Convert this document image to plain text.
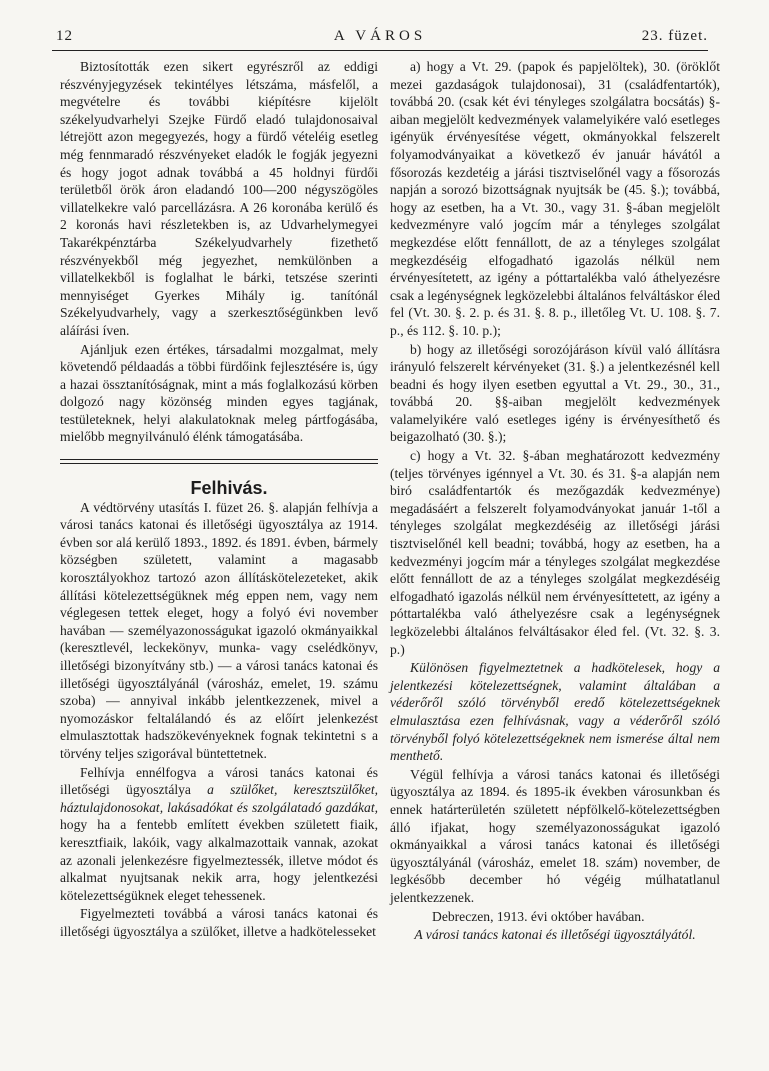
12	A VÁROS	23. füzet.

Biztosították ezen sikert egyrészről az eddigi részvényjegyzések tekintélyes létszáma, másfelől, a megvételre és további kiépítésre kijelölt székelyudvarhelyi Szejke Fürdő eladó tulajdonosaival létrejött azon megegyezés, hogy a fürdő vételéig esetleg még fennmaradó részvényeket eladók le fogják jegyezni és hogy jogot adnak továbbá a 45 holdnyi fürdői területből örök áron eladandó 100—200 négyszögöles villatelkekre való parcellázásra. A 26 koronába kerülő és 2 koronás havi részletekben is, az Udvarhelymegyei Takarékpénztárba Székelyudvarhely fizethető részvényekből még jegyezhet, nemkülönben a villatelkekből is foglalhat le bárki, tetszése szerinti mennyiséget Gyerkes Mihály ig. tanítónál Székelyudvarhely, vagy a szerkesztőségünkben levő aláírási íven.

Ajánljuk ezen értékes, társadalmi mozgalmat, mely követendő példaadás a többi fürdőink fejlesztésére is, úgy a hazai össztanítóságnak, mint a más foglalkozású körben dolgozó nagy közönség minden egyes tagjának, testületeknek, helyi alakulatoknak meleg pártfogásába, mielőbb megnyilvánuló élénk támogatásába.

Felhivás.

A védtörvény utasítás I. füzet 26. §. alapján felhívja a városi tanács katonai és illetőségi ügyosztálya az 1914. évben sor alá kerülő 1893., 1892. és 1891. évben, bármely községben született, valamint a magasabb korosztályokhoz tartozó azon állításkötelezeteket, akik állítási kötelezettségüknek még eppen nem, vagy nem véglegesen tettek eleget, hogy a folyó évi november havában — személyazonosságukat igazoló okmányaikkal (keresztlevél, leckekönyv, munka- vagy cselédkönyv, illetőségi bizonyítvány stb.) — a városi tanács katonai és illetőségi ügyosztályánál (városház, emelet, 19. számu szoba) — annyival inkább jelentkezzenek, mivel a nyomozáskor feltalálandó és az előírt jelenkezést elmulasztottak hadszökevényeknek fognak tekintetni s a törvény teljes szigorával büntettetnek.

Felhívja ennélfogva a városi tanács katonai és illetőségi ügyosztálya a szülőket, keresztszülőket, háztulajdonosokat, lakásadókat és szolgálatadó gazdákat, hogy ha a fentebb említett években született fiaik, keresztfiaik, lakóik, vagy alkalmazottaik vannak, azokat az azonali jelenkezésre figyelmeztessék, illetve módot és alkalmat nyujtsanak nekik arra, hogy jelentkezési kötelezettségüknek eleget tehessenek.

Figyelmezteti továbbá a városi tanács katonai és illetőségi ügyosztálya a szülőket, illetve a hadkötelesseket

a) hogy a Vt. 29. (papok és papjelöltek), 30. (öröklőt mezei gazdaságok tulajdonosai), 31 (családfentartók), továbbá 20. (csak két évi tényleges szolgálatra bocsátás) §-aiban megjelölt kedvezmények valamelyikére való esetleges igényük érvényesítése végett, okmányokkal felszerelt folyamodványaikat a következő év január hávától a fősorozás kezdetéig a járási tisztviselőnél vagy a fősorozás napján a sorozó bizottságnak nyujtsák be (45. §.); továbbá, hogy az esetben, ha a Vt. 30., vagy 31. §-ában megjelölt kedvezményre való jogcím már a tényleges szolgálat megkezdése előtt fennállott, de az a tényleges szolgálat megkezdéséig elfogadható igazolás nélkül nem érvényesítetett, az igény a póttartalékba való áthelyezésre csak a legénységnek legközelebbi általános felváltáskor éled fel (Vt. 30. §. 2. p. és 31. §. 8. p., illetőleg Vt. U. 108. §. 7. p., és 112. §. 10. p.);

b) hogy az illetőségi sorozójáráson kívül való állításra irányuló felszerelt kérvényeket (31. §.) a jelentkezésnél kell beadni és hogy ilyen esetben egyuttal a Vt. 29., 30., 31., továbbá 20. §§-aiban megjelölt kedvezmények valamelyikére való esetleges igény is érvényesíthető és beigazolható (30. §.);

c) hogy a Vt. 32. §-ában meghatározott kedvezmény (teljes törvényes igénnyel a Vt. 30. és 31. §-a alapján nem biró családfentartók és mezőgazdák kedvezménye) megadásáért a felszerelt folyamodványokat január 1-től a tényleges szolgálat megkezdéséig az illetőségi járási tisztviselőnél kell beadni; továbbá, hogy az esetben, ha a kedvezményi jogcím már a tényleges szolgálat megkezdése előtt fennállott de az a tényleges szolgálat megkezdéséig elfogadható igazolás nélkül nem érvényesíttetett, az igény a póttartalékba való áthelyezésre csak a legénységnek legközelebbi általános felváltásakor éled fel. (Vt. 32. §. 3. p.)

Különösen figyelmeztetnek a hadkötelesek, hogy a jelentkezési kötelezettségnek, valamint általában a véderőről szóló törvényből eredő kötelezettségeknek elmulasztása ezen felhívásnak, vagy a véderőről szóló törvényből folyó kötelezettségeknek nem ismerése által nem menthető.

Végül felhívja a városi tanács katonai és illetőségi ügyosztálya az 1894. és 1895-ik években városunkban és ennek határterületén született népfölkelő-kötelezettségben álló ifjakat, hogy személyazonosságukat igazoló okmányaikkal a városi tanács katonai és illetőségi ügyosztályánál (városház, emelet 18. szám) november, de legkésőbb december hó végéig múlhatatlanul jelentkezzenek.

Debreczen, 1913. évi október havában.

A városi tanács katonai és illetőségi ügyosztályától.
